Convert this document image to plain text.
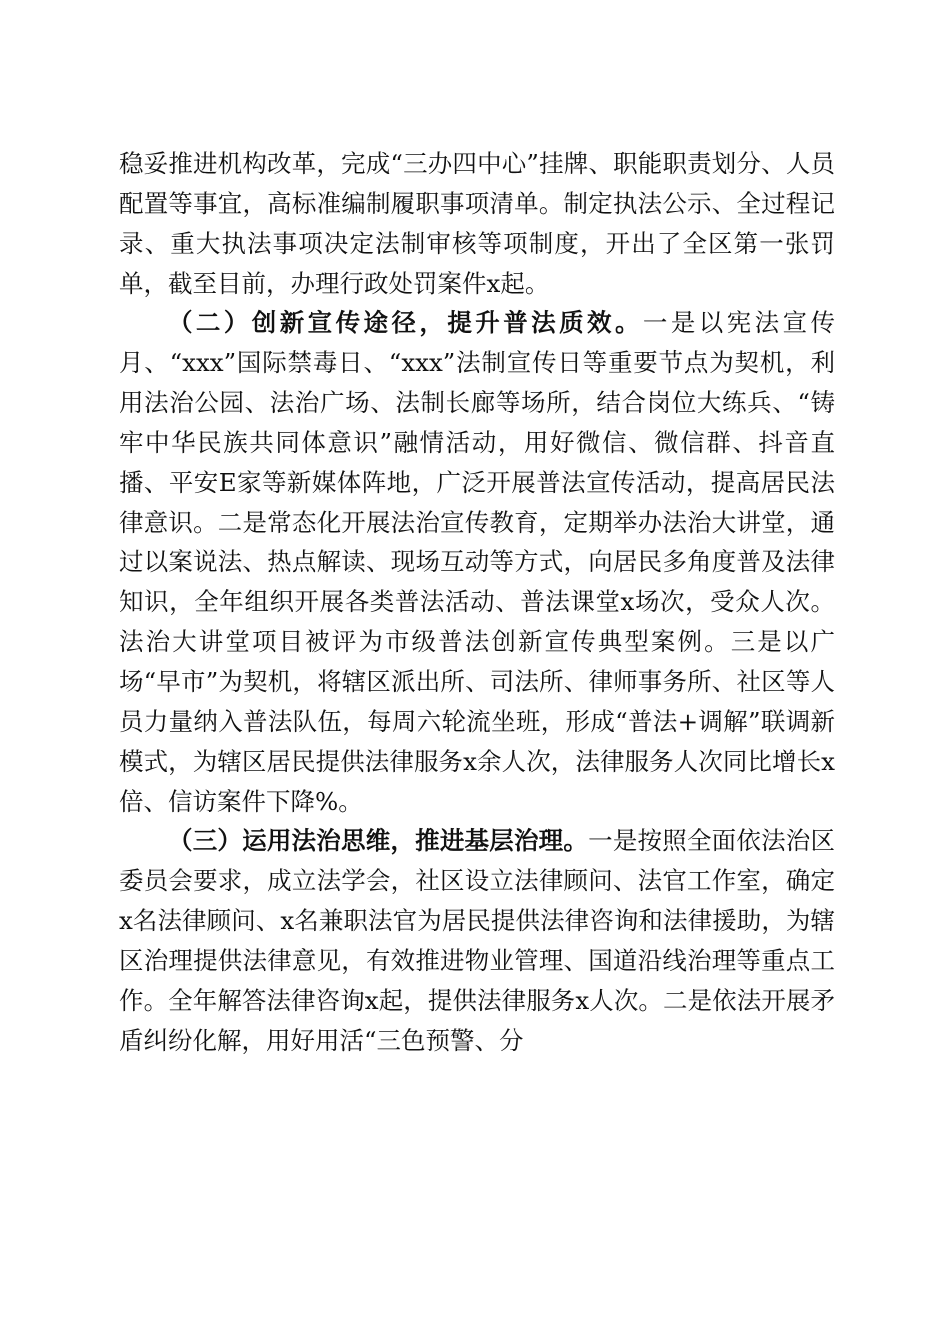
稳妥推进机构改革，完成“三办四中心”挂牌、职能职责划分、人员配置等事宜，高标准编制履职事项清单。制定执法公示、全过程记录、重大执法事项决定法制审核等项制度，开出了全区第一张罚单，截至目前，办理行政处罚案件x起。

（二）创新宣传途径，提升普法质效。一是以宪法宣传月、“xxx”国际禁毒日、“xxx”法制宣传日等重要节点为契机，利用法治公园、法治广场、法制长廊等场所，结合岗位大练兵、“铸牢中华民族共同体意识”融情活动，用好微信、微信群、抖音直播、平安E家等新媒体阵地，广泛开展普法宣传活动，提高居民法律意识。二是常态化开展法治宣传教育，定期举办法治大讲堂，通过以案说法、热点解读、现场互动等方式，向居民多角度普及法律知识，全年组织开展各类普法活动、普法课堂x场次，受众人次。法治大讲堂项目被评为市级普法创新宣传典型案例。三是以广场“早市”为契机，将辖区派出所、司法所、律师事务所、社区等人员力量纳入普法队伍，每周六轮流坐班，形成“普法+调解”联调新模式，为辖区居民提供法律服务x余人次，法律服务人次同比增长x倍、信访案件下降%。

（三）运用法治思维，推进基层治理。一是按照全面依法治区委员会要求，成立法学会，社区设立法律顾问、法官工作室，确定x名法律顾问、x名兼职法官为居民提供法律咨询和法律援助，为辖区治理提供法律意见，有效推进物业管理、国道沿线治理等重点工作。全年解答法律咨询x起，提供法律服务x人次。二是依法开展矛盾纠纷化解，用好用活“三色预警、分
